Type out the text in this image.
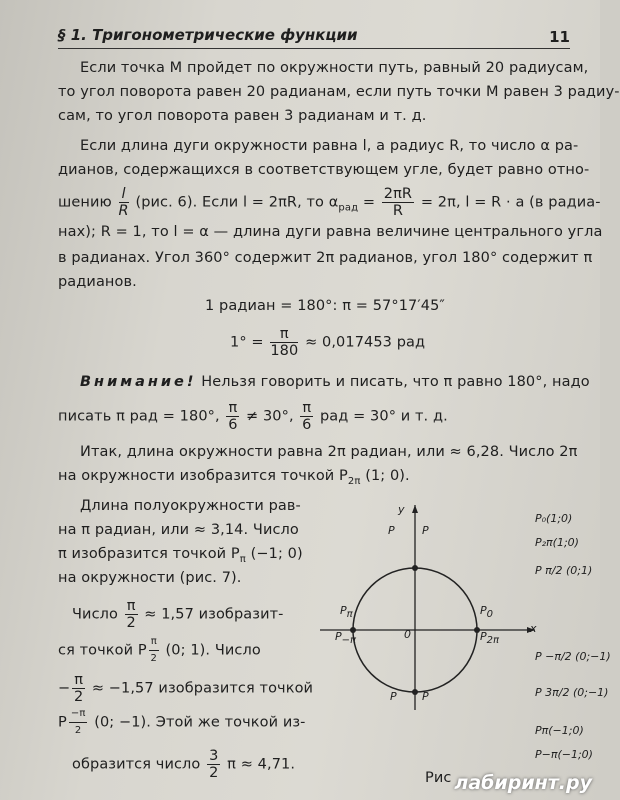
§ 1. Тригонометрические функции	11
Если точка M пройдет по окружности путь, равный 20 радиусам,
то угол поворота равен 20 радианам, если путь точки M равен 3 радиу-
сам, то угол поворота равен 3 радианам и т. д.
Если длина дуги окружности равна l, а радиус R, то число α ра-
дианов, содержащихся в соответствующем угле, будет равно отно-
шению $\frac{l}{R} (рис$. 6). Если l = 2πR, то $\alpha_{рад} = \frac{2\pi R}{R} = 2\pi$, l = R · a (в радиа-
нах); R = 1, то l = α — длина дуги равна величине центрального угла
в радианах. Угол 360° содержит 2π радианов, угол 180° содержит π
радианов.
1 радиан = 180°: π = 57°17′45″
$1^\circ = \frac{\pi}{180} \approx 0,017453$ рад
Внимание! Нельзя говорить и писать, что π равно 180°, надо
писать π рад = 180°, $\frac{\pi}{6} \ne 30^\circ$, $\frac{\pi}{6}$ рад = 30° и т. д.
Итак, длина окружности равна 2π радиан, или ≈ 6,28. Число 2π
на окружности изобразится точкой $P_{2\pi}$ (1; 0).
Длина полуокружности рав-
на π радиан, или ≈ 3,14. Число
π изобразится точкой $P_\pi$ (−1; 0)
на окружности (рис. 7).
Число $\frac{\pi}{2} \approx 1,57$ изобразит-
ся точкой P $\frac{\pi}{2} (0$; 1). Число
− $\frac{\pi}{2} \approx -1,57$ изобразится точкой
P $\frac{-\pi}{2} (0$; −1). Этой же точкой из-
образится число $\frac{3}{2}$ π ≈ 4,71.
x
y
0
$P_\pi$
$P_{-\pi}$
$P_0$
$P_{2\pi}$
P P
P P
P₀(1;0)
P₂π(1;0)
P π/2 (0;1)
P −π/2 (0;−1)
P 3π/2 (0;−1)
Pπ(−1;0)
P−π(−1;0)
Рис лабиринт.ру
